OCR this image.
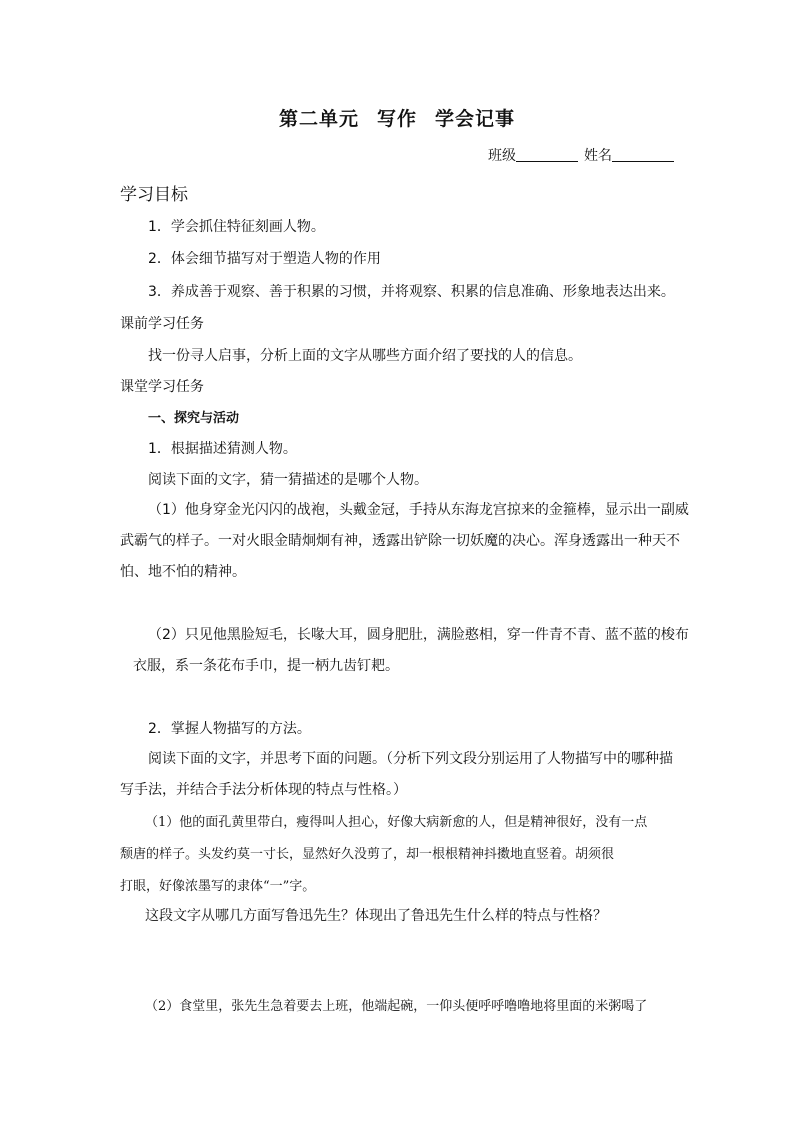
第二单元 写作 学会记事
班级	姓名
学习目标
1．学会抓住特征刻画人物。
2．体会细节描写对于塑造人物的作用
3．养成善于观察、善于积累的习惯，并将观察、积累的信息准确、形象地表达出来。
课前学习任务
找一份寻人启事，分析上面的文字从哪些方面介绍了要找的人的信息。
课堂学习任务
一、探究与活动
1．根据描述猜测人物。
阅读下面的文字，猜一猜描述的是哪个人物。
（1）他身穿金光闪闪的战袍，头戴金冠，手持从东海龙宫掠来的金箍棒，显示出一副威
武霸气的样子。一对火眼金睛炯炯有神，透露出铲除一切妖魔的决心。浑身透露出一种天不
怕、地不怕的精神。
（2）只见他黑脸短毛，长喙大耳，圆身肥肚，满脸憨相，穿一件青不青、蓝不蓝的梭布
衣服，系一条花布手巾，提一柄九齿钉耙。
2．掌握人物描写的方法。
阅读下面的文字，并思考下面的问题。（分析下列文段分别运用了人物描写中的哪种描
写手法，并结合手法分析体现的特点与性格。）
（1）他的面孔黄里带白，瘦得叫人担心，好像大病新愈的人，但是精神很好，没有一点
颓唐的样子。头发约莫一寸长，显然好久没剪了，却一根根精神抖擞地直竖着。胡须很
打眼，好像浓墨写的隶体“一”字。
这段文字从哪几方面写鲁迅先生？体现出了鲁迅先生什么样的特点与性格？
（2）食堂里，张先生急着要去上班，他端起碗，一仰头便呼呼噜噜地将里面的米粥喝了
